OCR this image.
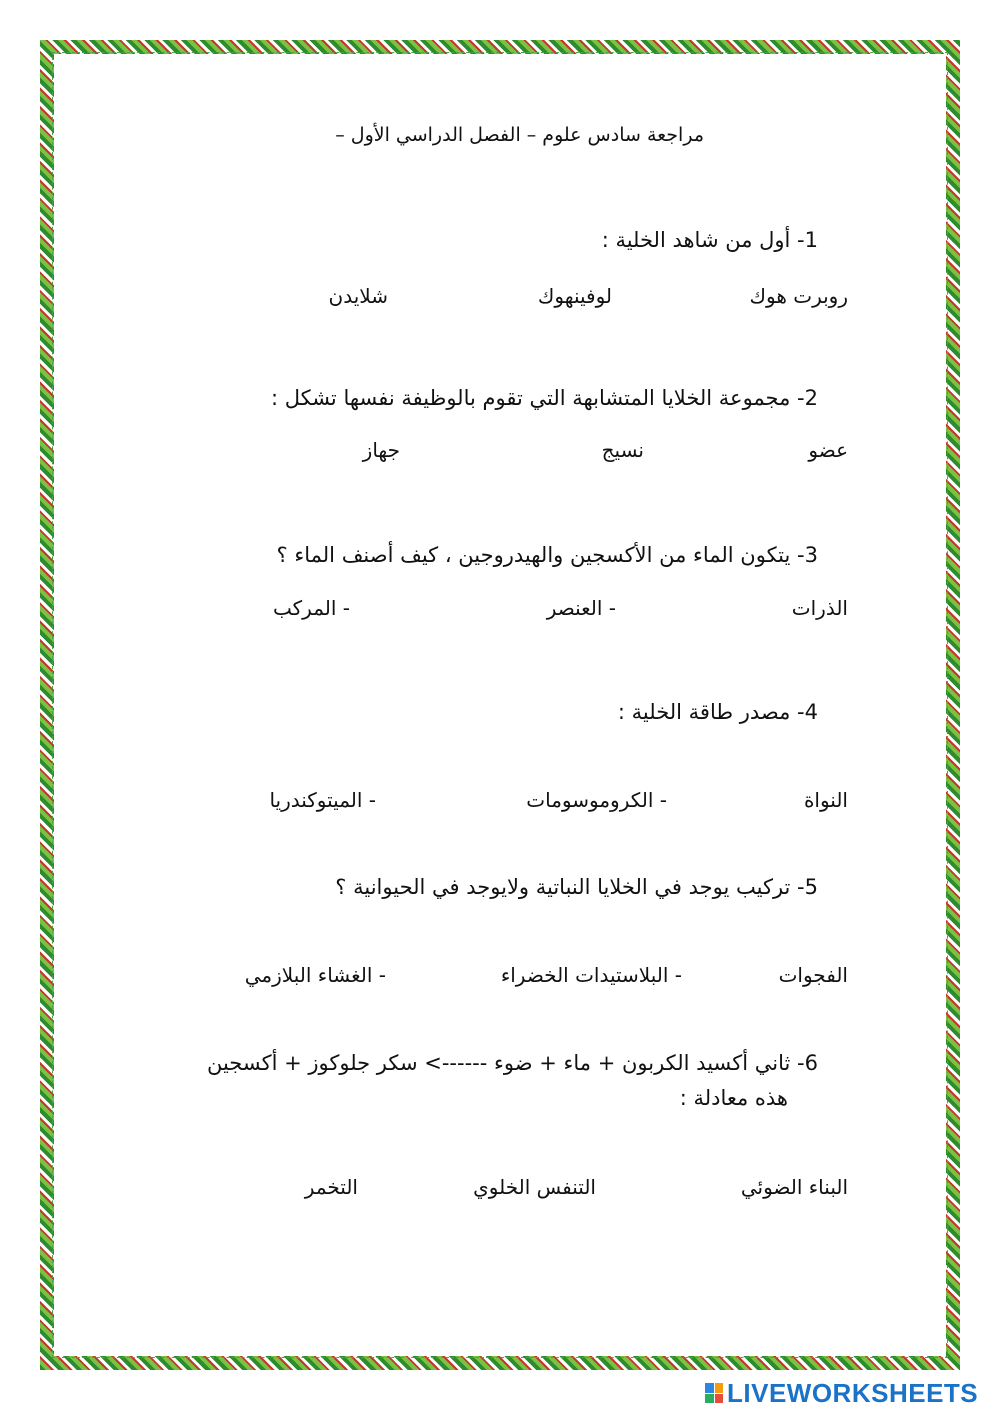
مراجعة سادس علوم – الفصل الدراسي الأول –
1- أول من شاهد الخلية :
روبرت هوك
لوفينهوك
شلايدن
2- مجموعة الخلايا المتشابهة التي تقوم بالوظيفة نفسها تشكل :
عضو
نسيج
جهاز
3- يتكون الماء من الأكسجين والهيدروجين ، كيف أصنف الماء ؟
الذرات
- العنصر
- المركب
4- مصدر طاقة الخلية :
النواة
- الكروموسومات
- الميتوكندريا
5- تركيب يوجد في الخلايا النباتية ولايوجد في الحيوانية ؟
الفجوات
- البلاستيدات الخضراء
- الغشاء البلازمي
6- ثاني أكسيد الكربون + ماء + ضوء ------> سكر جلوكوز + أكسجين
هذه معادلة :
البناء الضوئي
التنفس الخلوي
التخمر
LIVEWORKSHEETS
